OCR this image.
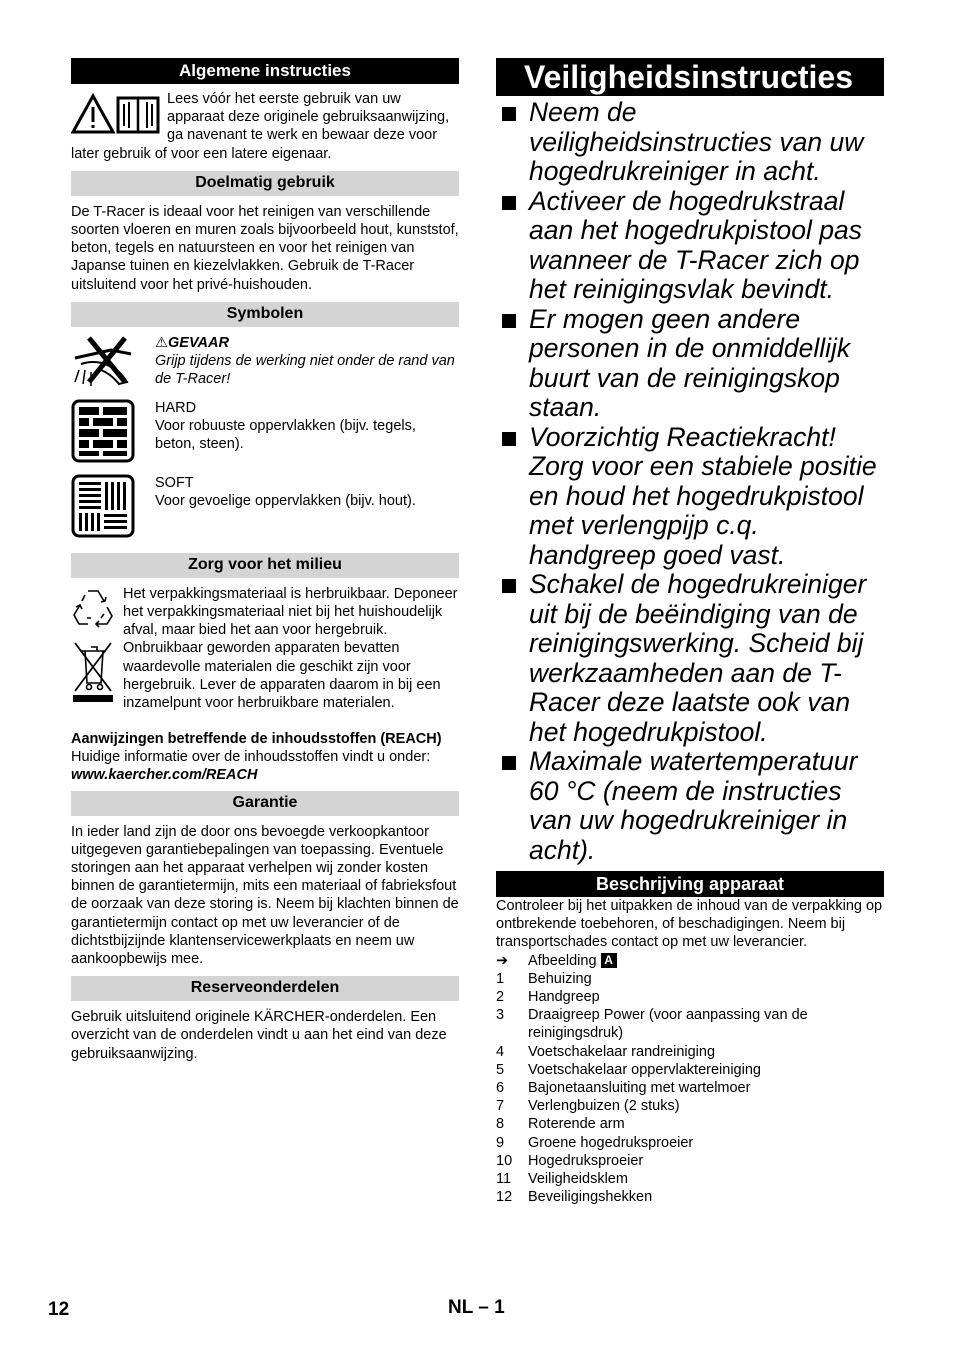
Algemene instructies

Lees vóór het eerste gebruik van uw apparaat deze originele gebruiksaanwijzing, ga navenant te werk en bewaar deze voor later gebruik of voor een latere eigenaar.

Doelmatig gebruik

De T-Racer is ideaal voor het reinigen van verschillende soorten vloeren en muren zoals bijvoorbeeld hout, kunststof, beton, tegels en natuursteen en voor het reinigen van Japanse tuinen en kiezelvlakken. Gebruik de T-Racer uitsluitend voor het privé-huishouden.

Symbolen
⚠GEVAAR
Grijp tijdens de werking niet onder de rand van de T-Racer!
HARD
Voor robuuste oppervlakken (bijv. tegels, beton, steen).
SOFT
Voor gevoelige oppervlakken (bijv. hout).
Zorg voor het milieu

Het verpakkingsmateriaal is herbruikbaar. Deponeer het verpakkingsmateriaal niet bij het huishoudelijk afval, maar bied het aan voor hergebruik.

Onbruikbaar geworden apparaten bevatten waardevolle materialen die geschikt zijn voor hergebruik. Lever de apparaten daarom in bij een inzamelpunt voor herbruikbare materialen.

Aanwijzingen betreffende de inhoudsstoffen (REACH)
Huidige informatie over de inhoudsstoffen vindt u onder:
www.kaercher.com/REACH
Garantie

In ieder land zijn de door ons bevoegde verkoopkantoor uitgegeven garantiebepalingen van toepassing. Eventuele storingen aan het apparaat verhelpen wij zonder kosten binnen de garantietermijn, mits een materiaal of fabrieksfout de oorzaak van deze storing is. Neem bij klachten binnen de garantietermijn contact op met uw leverancier of de dichtstbijzijnde klantenservicewerkplaats en neem uw aankoopbewijs mee.

Reserveonderdelen

Gebruik uitsluitend originele KÄRCHER-onderdelen. Een overzicht van de onderdelen vindt u aan het eind van deze gebruiksaanwijzing.

Veiligheidsinstructies
Neem de veiligheidsinstructies van uw hogedrukreiniger in acht.
Activeer de hogedrukstraal aan het hogedrukpistool pas wanneer de T-Racer zich op het reinigingsvlak bevindt.
Er mogen geen andere personen in de onmiddellijk buurt van de reinigingskop staan.
Voorzichtig Reactiekracht! Zorg voor een stabiele positie en houd het hogedrukpistool met verlengpijp c.q. handgreep goed vast.
Schakel de hogedrukreiniger uit bij de beëindiging van de reinigingswerking. Scheid bij werkzaamheden aan de T-Racer deze laatste ook van het hogedrukpistool.
Maximale watertemperatuur 60 °C (neem de instructies van uw hogedrukreiniger in acht).
Beschrijving apparaat

Controleer bij het uitpakken de inhoud van de verpakking op ontbrekende toebehoren, of beschadigingen. Neem bij transportschades contact op met uw leverancier.

➔	Afbeelding A
1	Behuizing
2	Handgreep
3	Draaigreep Power (voor aanpassing van de reinigingsdruk)
4	Voetschakelaar randreiniging
5	Voetschakelaar oppervlaktereiniging
6	Bajonetaansluiting met wartelmoer
7	Verlengbuizen (2 stuks)
8	Roterende arm
9	Groene hogedruksproeier
10	Hogedruksproeier
11	Veiligheidsklem
12	Beveiligingshekken
12	NL – 1
